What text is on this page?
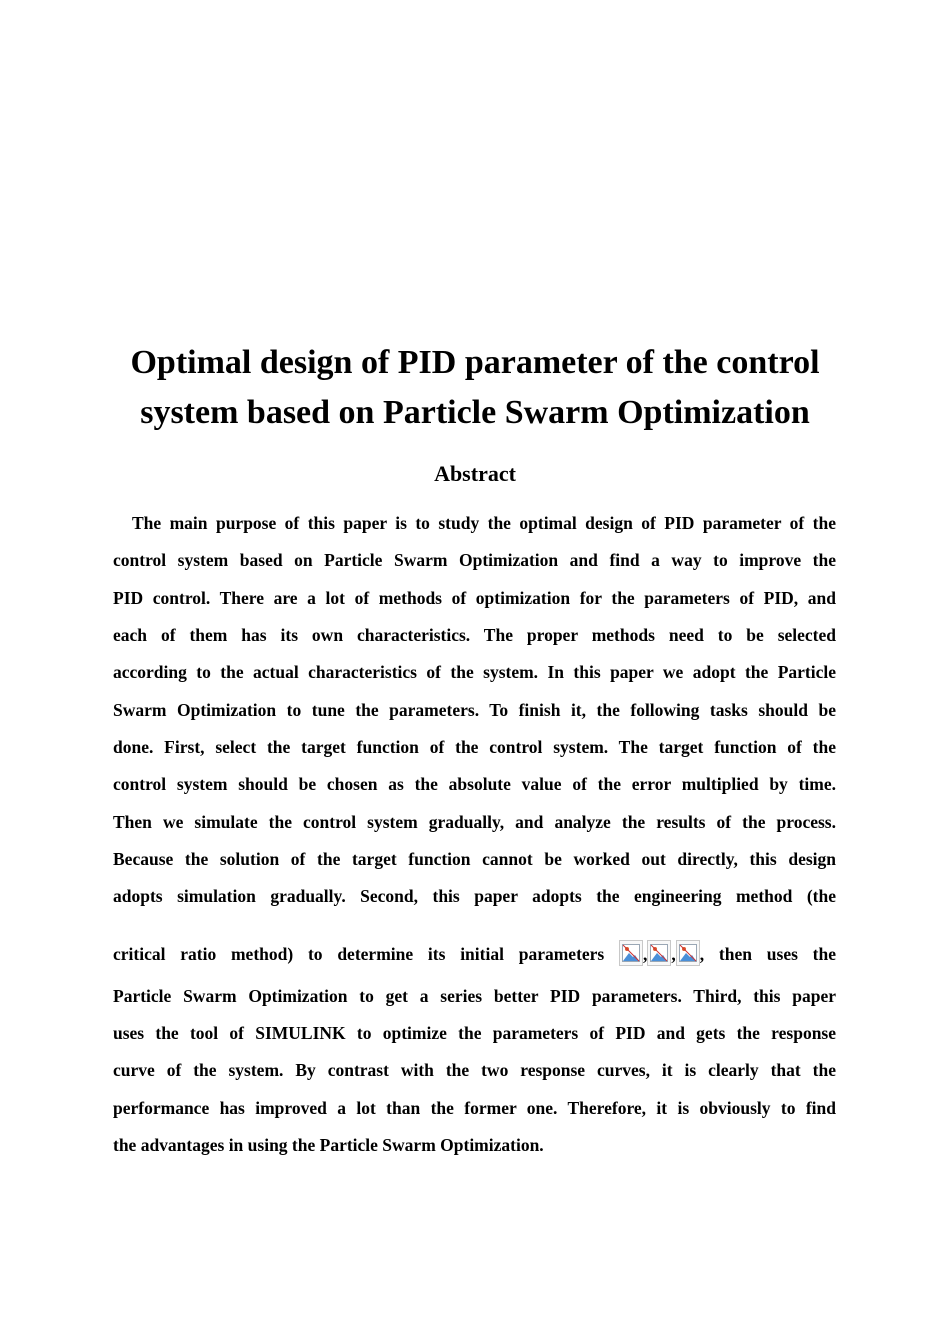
Optimal design of PID parameter of the control
system based on Particle Swarm Optimization
Abstract
The main purpose of this paper is to study the optimal design of PID parameter of the
control system based on Particle Swarm Optimization and find a way to improve the
PID control. There are a lot of methods of optimization for the parameters of PID, and
each of them has its own characteristics. The proper methods need to be selected
according to the actual characteristics of the system. In this paper we adopt the Particle
Swarm Optimization to tune the parameters. To finish it, the following tasks should be
done. First, select the target function of the control system. The target function of the
control system should be chosen as the absolute value of the error multiplied by time.
Then we simulate the control system gradually, and analyze the results of the process.
Because the solution of the target function cannot be worked out directly, this design
adopts simulation gradually. Second, this paper adopts the engineering method (the
critical ratio method) to determine its initial parameters , , , then uses the
Particle Swarm Optimization to get a series better PID parameters. Third, this paper
uses the tool of SIMULINK to optimize the parameters of PID and gets the response
curve of the system. By contrast with the two response curves, it is clearly that the
performance has improved a lot than the former one. Therefore, it is obviously to find
the advantages in using the Particle Swarm Optimization.
